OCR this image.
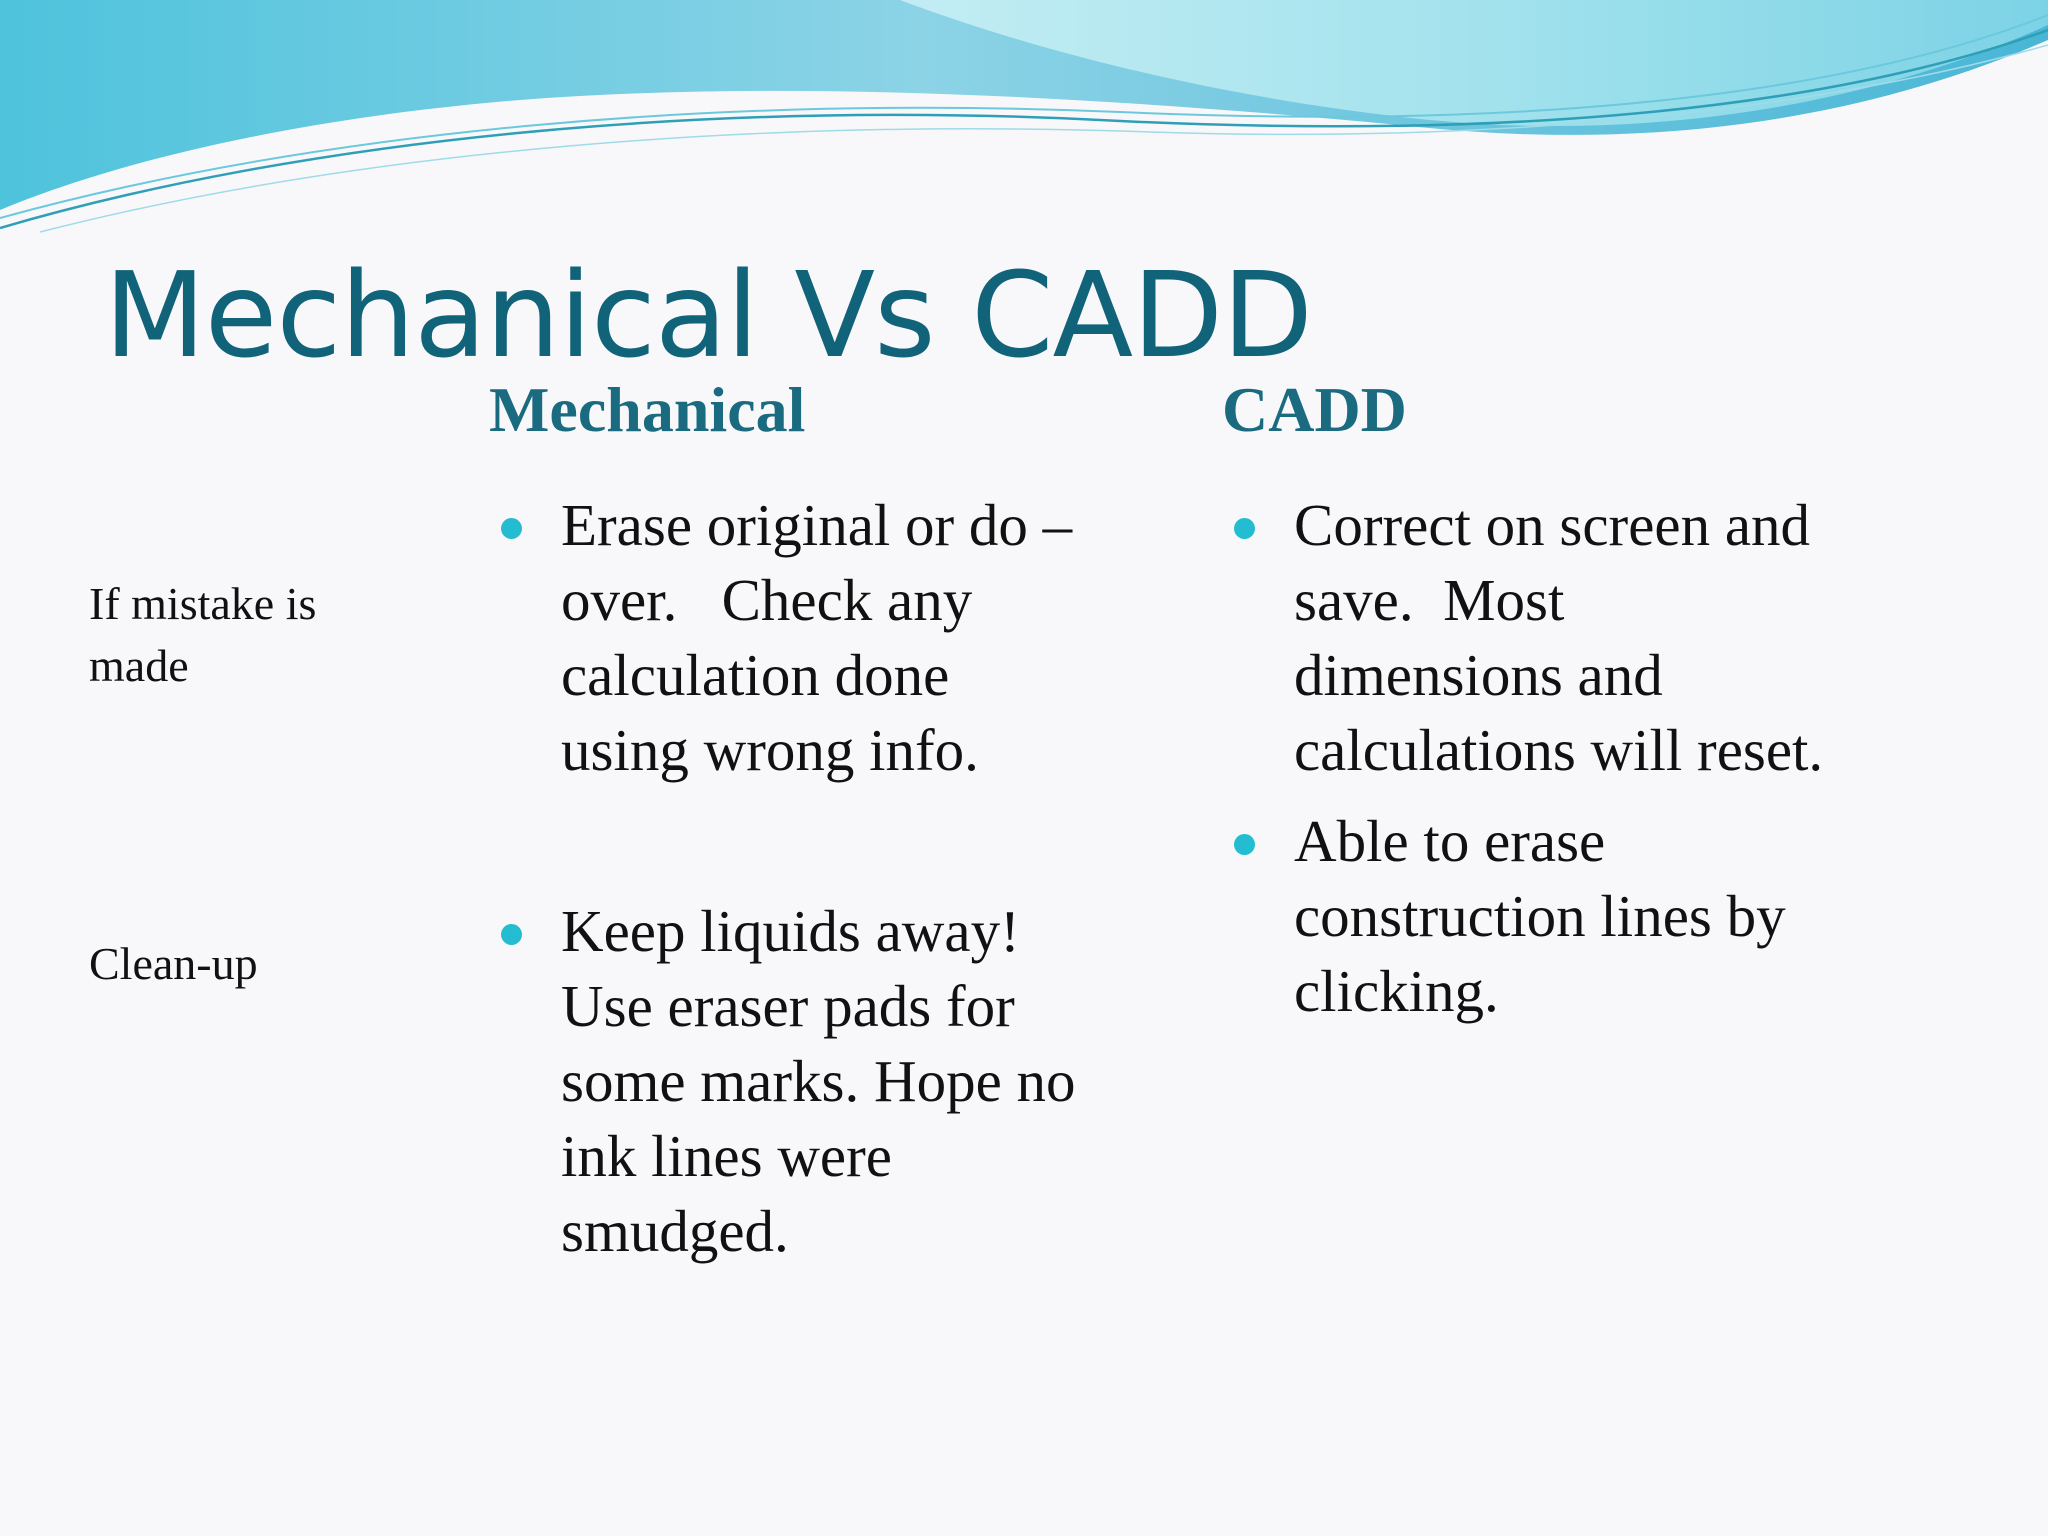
Mechanical Vs CADD
Mechanical	CADD
If mistake is
made
Clean-up
Erase original or do –
over.   Check any
calculation done
using wrong info.
Keep liquids away!
Use eraser pads for
some marks. Hope no
ink lines were
smudged.
Correct on screen and
save.  Most
dimensions and
calculations will reset.
Able to erase
construction lines by
clicking.
